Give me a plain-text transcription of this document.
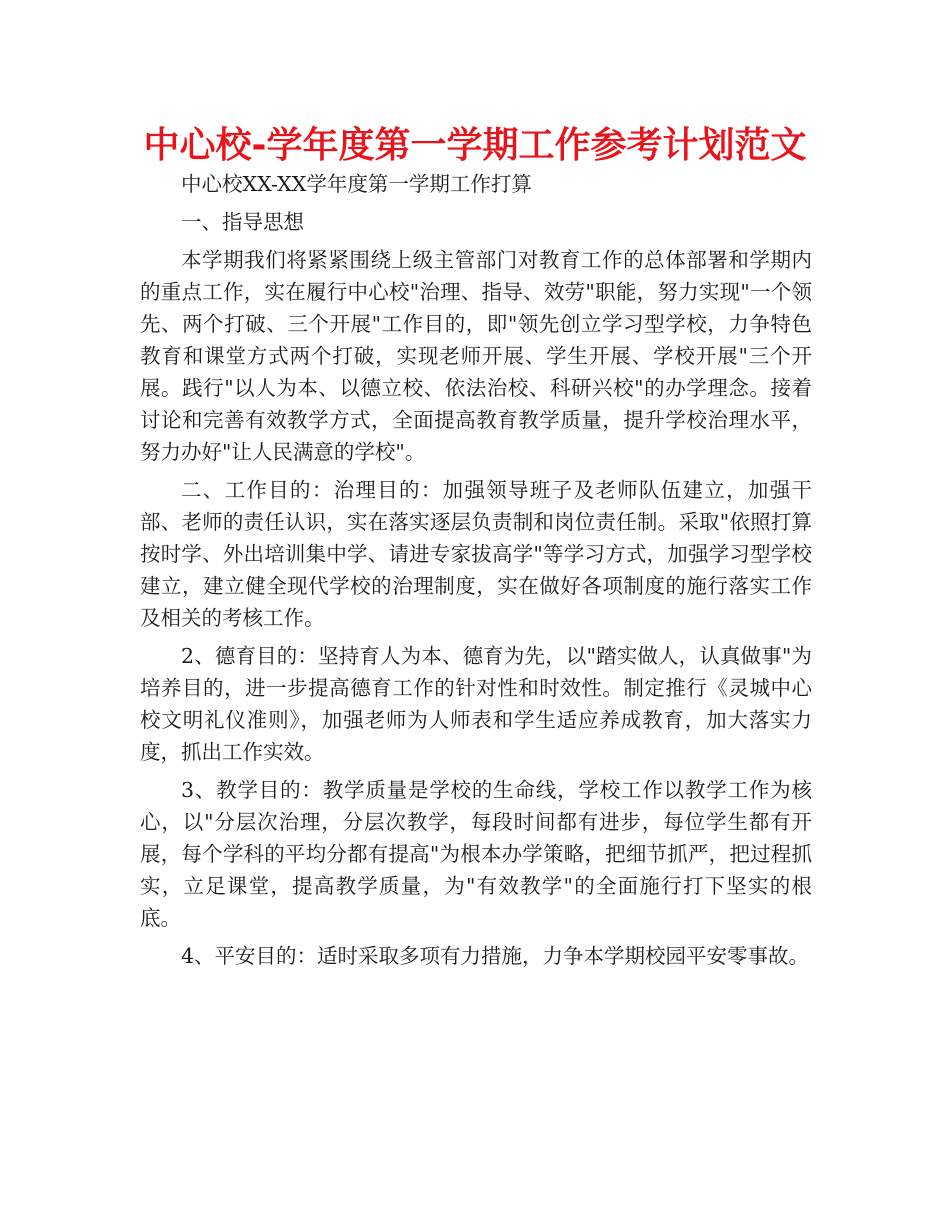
中心校-学年度第一学期工作参考计划范文

中心校XX-XX学年度第一学期工作打算

一、指导思想

本学期我们将紧紧围绕上级主管部门对教育工作的总体部署和学期内的重点工作，实在履行中心校"治理、指导、效劳"职能，努力实现"一个领先、两个打破、三个开展"工作目的，即"领先创立学习型学校，力争特色教育和课堂方式两个打破，实现老师开展、学生开展、学校开展"三个开展。践行"以人为本、以德立校、依法治校、科研兴校"的办学理念。接着讨论和完善有效教学方式，全面提高教育教学质量，提升学校治理水平，努力办好"让人民满意的学校"。

二、工作目的：治理目的：加强领导班子及老师队伍建立，加强干部、老师的责任认识，实在落实逐层负责制和岗位责任制。采取"依照打算按时学、外出培训集中学、请进专家拔高学"等学习方式，加强学习型学校建立，建立健全现代学校的治理制度，实在做好各项制度的施行落实工作及相关的考核工作。

2、德育目的：坚持育人为本、德育为先，以"踏实做人，认真做事"为培养目的，进一步提高德育工作的针对性和时效性。制定推行《灵城中心校文明礼仪准则》，加强老师为人师表和学生适应养成教育，加大落实力度，抓出工作实效。

3、教学目的：教学质量是学校的生命线，学校工作以教学工作为核心，以"分层次治理，分层次教学，每段时间都有进步，每位学生都有开展，每个学科的平均分都有提高"为根本办学策略，把细节抓严，把过程抓实，立足课堂，提高教学质量，为"有效教学"的全面施行打下坚实的根底。

4、平安目的：适时采取多项有力措施，力争本学期校园平安零事故。
